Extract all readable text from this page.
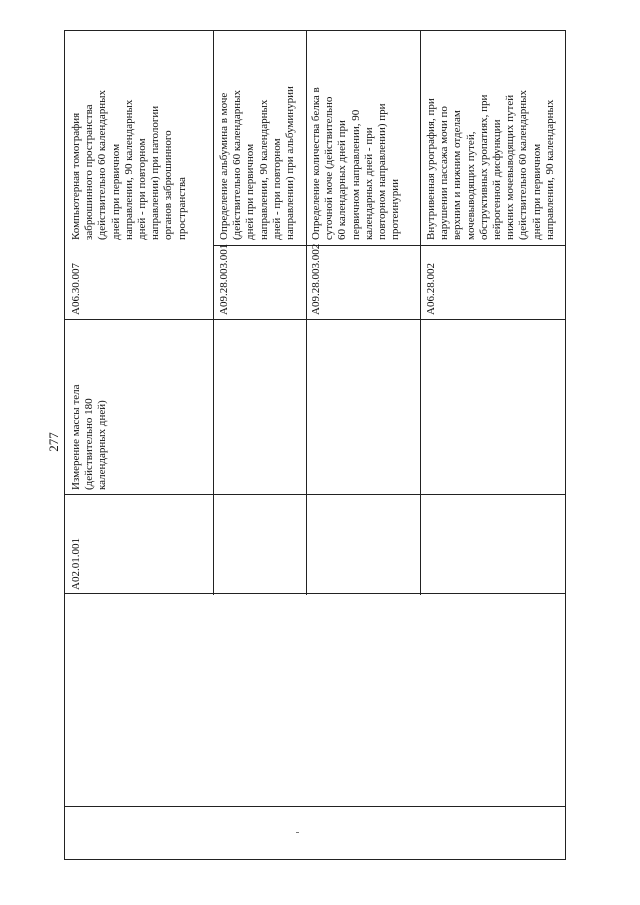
277
А02.01.001
Измерение массы тела
(действительно 180
календарных дней)
А06.30.007
Компьютерная томография
забрюшинного пространства
(действительно 60 календарных
дней при первичном
направлении, 90 календарных
дней - при повторном
направлении) при патологии
органов забрюшинного
пространства
А09.28.003.001
Определение альбумина в моче
(действительно 60 календарных
дней при первичном
направлении, 90 календарных
дней - при повторном
направлении) при альбуминурии
А09.28.003.002
Определение количества белка в
суточной моче (действительно
60 календарных дней при
первичном направлении, 90
календарных дней - при
повторном направлении) при
протеинурии
А06.28.002
Внутривенная урография, при
нарушении пассажа мочи по
верхним и нижним отделам
мочевыводящих путей,
обструктивных уропатиях, при
нейрогенной дисфункции
нижних мочевыводящих путей
(действительно 60 календарных
дней при первичном
направлении, 90 календарных
